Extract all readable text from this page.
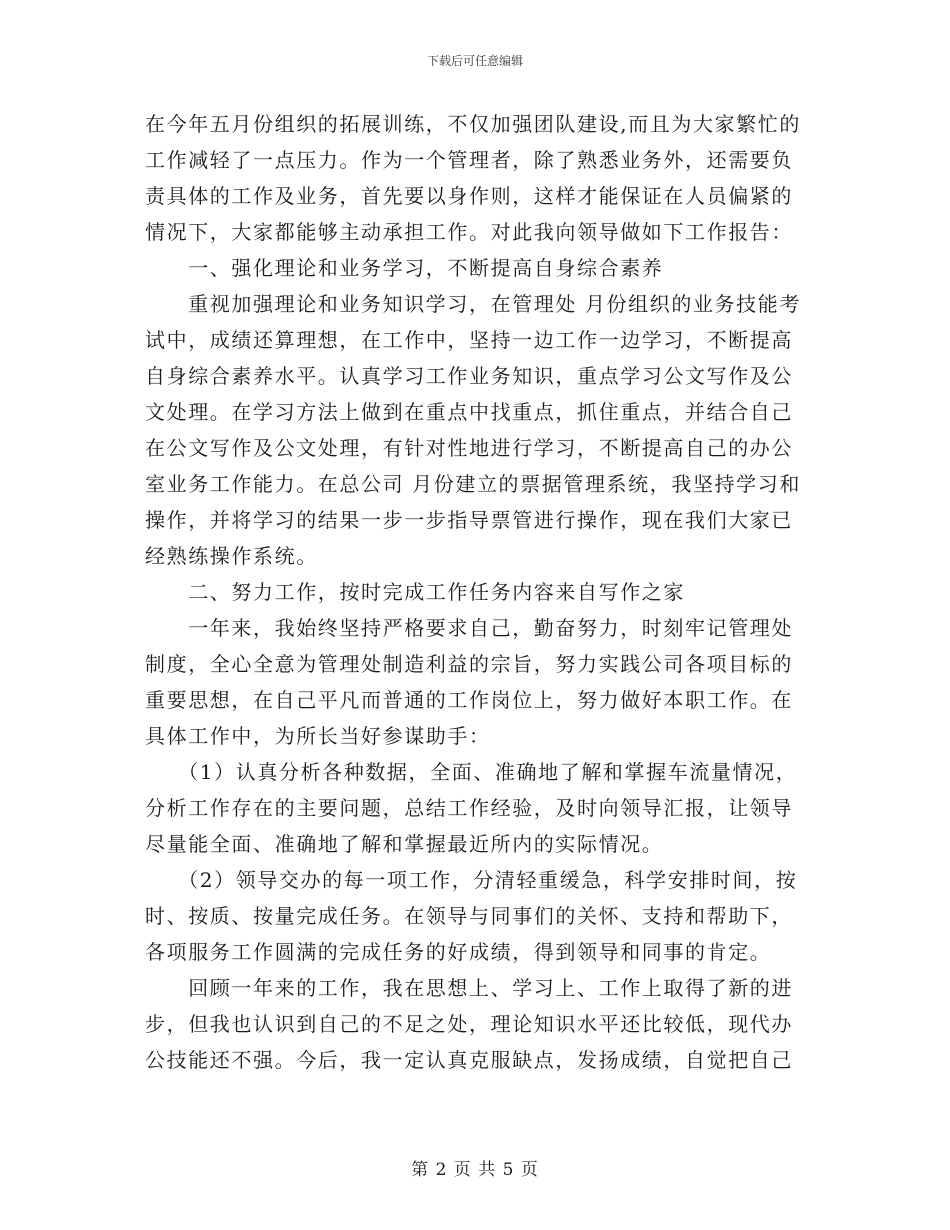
下载后可任意编辑
在今年五月份组织的拓展训练，不仅加强团队建设,而且为大家繁忙的
工作减轻了一点压力。作为一个管理者，除了熟悉业务外，还需要负
责具体的工作及业务，首先要以身作则，这样才能保证在人员偏紧的
情况下，大家都能够主动承担工作。对此我向领导做如下工作报告：
　　一、强化理论和业务学习，不断提高自身综合素养
　　重视加强理论和业务知识学习，在管理处 月份组织的业务技能考
试中，成绩还算理想，在工作中，坚持一边工作一边学习，不断提高
自身综合素养水平。认真学习工作业务知识，重点学习公文写作及公
文处理。在学习方法上做到在重点中找重点，抓住重点，并结合自己
在公文写作及公文处理，有针对性地进行学习，不断提高自己的办公
室业务工作能力。在总公司 月份建立的票据管理系统，我坚持学习和
操作，并将学习的结果一步一步指导票管进行操作，现在我们大家已
经熟练操作系统。
　　二、努力工作，按时完成工作任务内容来自写作之家
　　一年来，我始终坚持严格要求自己，勤奋努力，时刻牢记管理处
制度，全心全意为管理处制造利益的宗旨，努力实践公司各项目标的
重要思想，在自己平凡而普通的工作岗位上，努力做好本职工作。在
具体工作中，为所长当好参谋助手：
　　（1）认真分析各种数据，全面、准确地了解和掌握车流量情况，
分析工作存在的主要问题，总结工作经验，及时向领导汇报，让领导
尽量能全面、准确地了解和掌握最近所内的实际情况。
　　（2）领导交办的每一项工作，分清轻重缓急，科学安排时间，按
时、按质、按量完成任务。在领导与同事们的关怀、支持和帮助下，
各项服务工作圆满的完成任务的好成绩，得到领导和同事的肯定。
　　回顾一年来的工作，我在思想上、学习上、工作上取得了新的进
步，但我也认识到自己的不足之处，理论知识水平还比较低，现代办
公技能还不强。今后，我一定认真克服缺点，发扬成绩，自觉把自己
第 2 页 共 5 页
